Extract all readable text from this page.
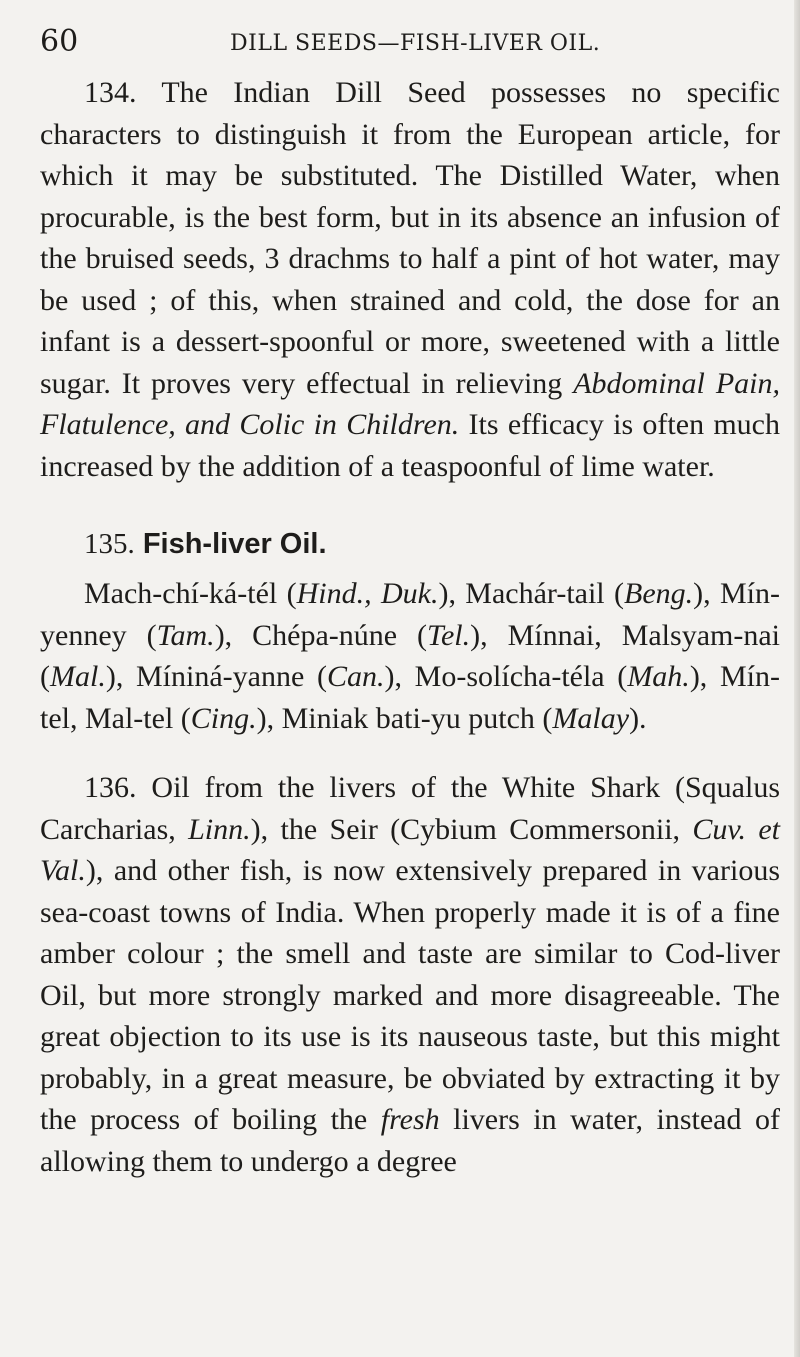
60	DILL SEEDS—FISH-LIVER OIL.

134. The Indian Dill Seed possesses no specific characters to distinguish it from the European article, for which it may be substituted. The Distilled Water, when procurable, is the best form, but in its absence an infusion of the bruised seeds, 3 drachms to half a pint of hot water, may be used ; of this, when strained and cold, the dose for an infant is a dessert-spoonful or more, sweetened with a little sugar. It proves very effectual in relieving Abdominal Pain, Flatulence, and Colic in Children. Its efficacy is often much increased by the addition of a teaspoonful of lime water.

135. Fish-liver Oil.

Mach-chí-ká-tél (Hind., Duk.), Machár-tail (Beng.), Mín-yenney (Tam.), Chépa-núne (Tel.), Mínnai, Malsyam-nai (Mal.), Míniná-yanne (Can.), Mo-solícha-téla (Mah.), Mín-tel, Mal-tel (Cing.), Miniak bati-yu putch (Malay).

136. Oil from the livers of the White Shark (Squalus Carcharias, Linn.), the Seir (Cybium Commersonii, Cuv. et Val.), and other fish, is now extensively prepared in various sea-coast towns of India. When properly made it is of a fine amber colour ; the smell and taste are similar to Cod-liver Oil, but more strongly marked and more disagreeable. The great objection to its use is its nauseous taste, but this might probably, in a great measure, be obviated by extracting it by the process of boiling the fresh livers in water, instead of allowing them to undergo a degree
